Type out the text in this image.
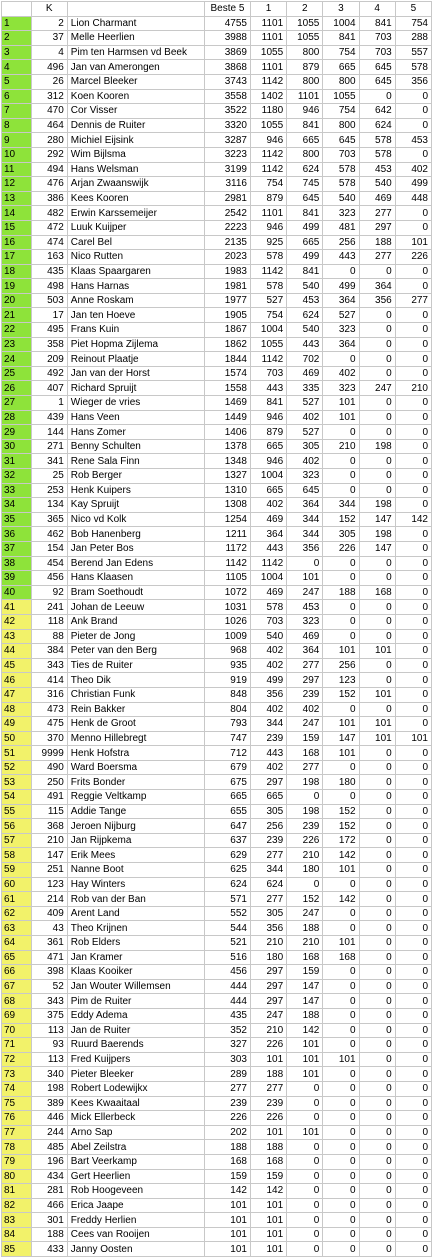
	K		Beste 5	1	2	3	4	5
1	2	Lion Charmant	4755	1101	1055	1004	841	754
2	37	Melle Heerlien	3988	1101	1055	841	703	288
3	4	Pim ten Harmsen vd Beek	3869	1055	800	754	703	557
4	496	Jan van Amerongen	3868	1101	879	665	645	578
5	26	Marcel Bleeker	3743	1142	800	800	645	356
6	312	Koen Kooren	3558	1402	1101	1055	0	0
7	470	Cor Visser	3522	1180	946	754	642	0
8	464	Dennis de Ruiter	3320	1055	841	800	624	0
9	280	Michiel Eijsink	3287	946	665	645	578	453
10	292	Wim Bijlsma	3223	1142	800	703	578	0
11	494	Hans Welsman	3199	1142	624	578	453	402
12	476	Arjan Zwaanswijk	3116	754	745	578	540	499
13	386	Kees Kooren	2981	879	645	540	469	448
14	482	Erwin Karssemeijer	2542	1101	841	323	277	0
15	472	Luuk Kuijper	2223	946	499	481	297	0
16	474	Carel Bel	2135	925	665	256	188	101
17	163	Nico Rutten	2023	578	499	443	277	226
18	435	Klaas Spaargaren	1983	1142	841	0	0	0
19	498	Hans Harnas	1981	578	540	499	364	0
20	503	Anne Roskam	1977	527	453	364	356	277
21	17	Jan ten Hoeve	1905	754	624	527	0	0
22	495	Frans Kuin	1867	1004	540	323	0	0
23	358	Piet Hopma Zijlema	1862	1055	443	364	0	0
24	209	Reinout Plaatje	1844	1142	702	0	0	0
25	492	Jan van der Horst	1574	703	469	402	0	0
26	407	Richard Spruijt	1558	443	335	323	247	210
27	1	Wieger de vries	1469	841	527	101	0	0
28	439	Hans Veen	1449	946	402	101	0	0
29	144	Hans Zomer	1406	879	527	0	0	0
30	271	Benny Schulten	1378	665	305	210	198	0
31	341	Rene Sala Finn	1348	946	402	0	0	0
32	25	Rob Berger	1327	1004	323	0	0	0
33	253	Henk Kuipers	1310	665	645	0	0	0
34	134	Kay Spruijt	1308	402	364	344	198	0
35	365	Nico vd Kolk	1254	469	344	152	147	142
36	462	Bob Hanenberg	1211	364	344	305	198	0
37	154	Jan Peter Bos	1172	443	356	226	147	0
38	454	Berend Jan Edens	1142	1142	0	0	0	0
39	456	Hans Klaasen	1105	1004	101	0	0	0
40	92	Bram Soethoudt	1072	469	247	188	168	0
41	241	Johan de Leeuw	1031	578	453	0	0	0
42	118	Ank Brand	1026	703	323	0	0	0
43	88	Pieter de Jong	1009	540	469	0	0	0
44	384	Peter van den Berg	968	402	364	101	101	0
45	343	Ties de Ruiter	935	402	277	256	0	0
46	414	Theo Dik	919	499	297	123	0	0
47	316	Christian Funk	848	356	239	152	101	0
48	473	Rein Bakker	804	402	402	0	0	0
49	475	Henk de Groot	793	344	247	101	101	0
50	370	Menno Hillebregt	747	239	159	147	101	101
51	9999	Henk Hofstra	712	443	168	101	0	0
52	490	Ward Boersma	679	402	277	0	0	0
53	250	Frits Bonder	675	297	198	180	0	0
54	491	Reggie Veltkamp	665	665	0	0	0	0
55	115	Addie Tange	655	305	198	152	0	0
56	368	Jeroen Nijburg	647	256	239	152	0	0
57	210	Jan Rijpkema	637	239	226	172	0	0
58	147	Erik Mees	629	277	210	142	0	0
59	251	Nanne Boot	625	344	180	101	0	0
60	123	Hay Winters	624	624	0	0	0	0
61	214	Rob van der Ban	571	277	152	142	0	0
62	409	Arent Land	552	305	247	0	0	0
63	43	Theo Krijnen	544	356	188	0	0	0
64	361	Rob Elders	521	210	210	101	0	0
65	471	Jan Kramer	516	180	168	168	0	0
66	398	Klaas Kooiker	456	297	159	0	0	0
67	52	Jan Wouter Willemsen	444	297	147	0	0	0
68	343	Pim de Ruiter	444	297	147	0	0	0
69	375	Eddy Adema	435	247	188	0	0	0
70	113	Jan de Ruiter	352	210	142	0	0	0
71	93	Ruurd Baerends	327	226	101	0	0	0
72	113	Fred Kuijpers	303	101	101	101	0	0
73	340	Pieter Bleeker	289	188	101	0	0	0
74	198	Robert Lodewijkx	277	277	0	0	0	0
75	389	Kees Kwaaitaal	239	239	0	0	0	0
76	446	Mick Ellerbeck	226	226	0	0	0	0
77	244	Arno Sap	202	101	101	0	0	0
78	485	Abel Zeilstra	188	188	0	0	0	0
79	196	Bart Veerkamp	168	168	0	0	0	0
80	434	Gert Heerlien	159	159	0	0	0	0
81	281	Rob Hoogeveen	142	142	0	0	0	0
82	466	Erica Jaape	101	101	0	0	0	0
83	301	Freddy Herlien	101	101	0	0	0	0
84	188	Cees van Rooijen	101	101	0	0	0	0
85	433	Janny Oosten	101	101	0	0	0	0
